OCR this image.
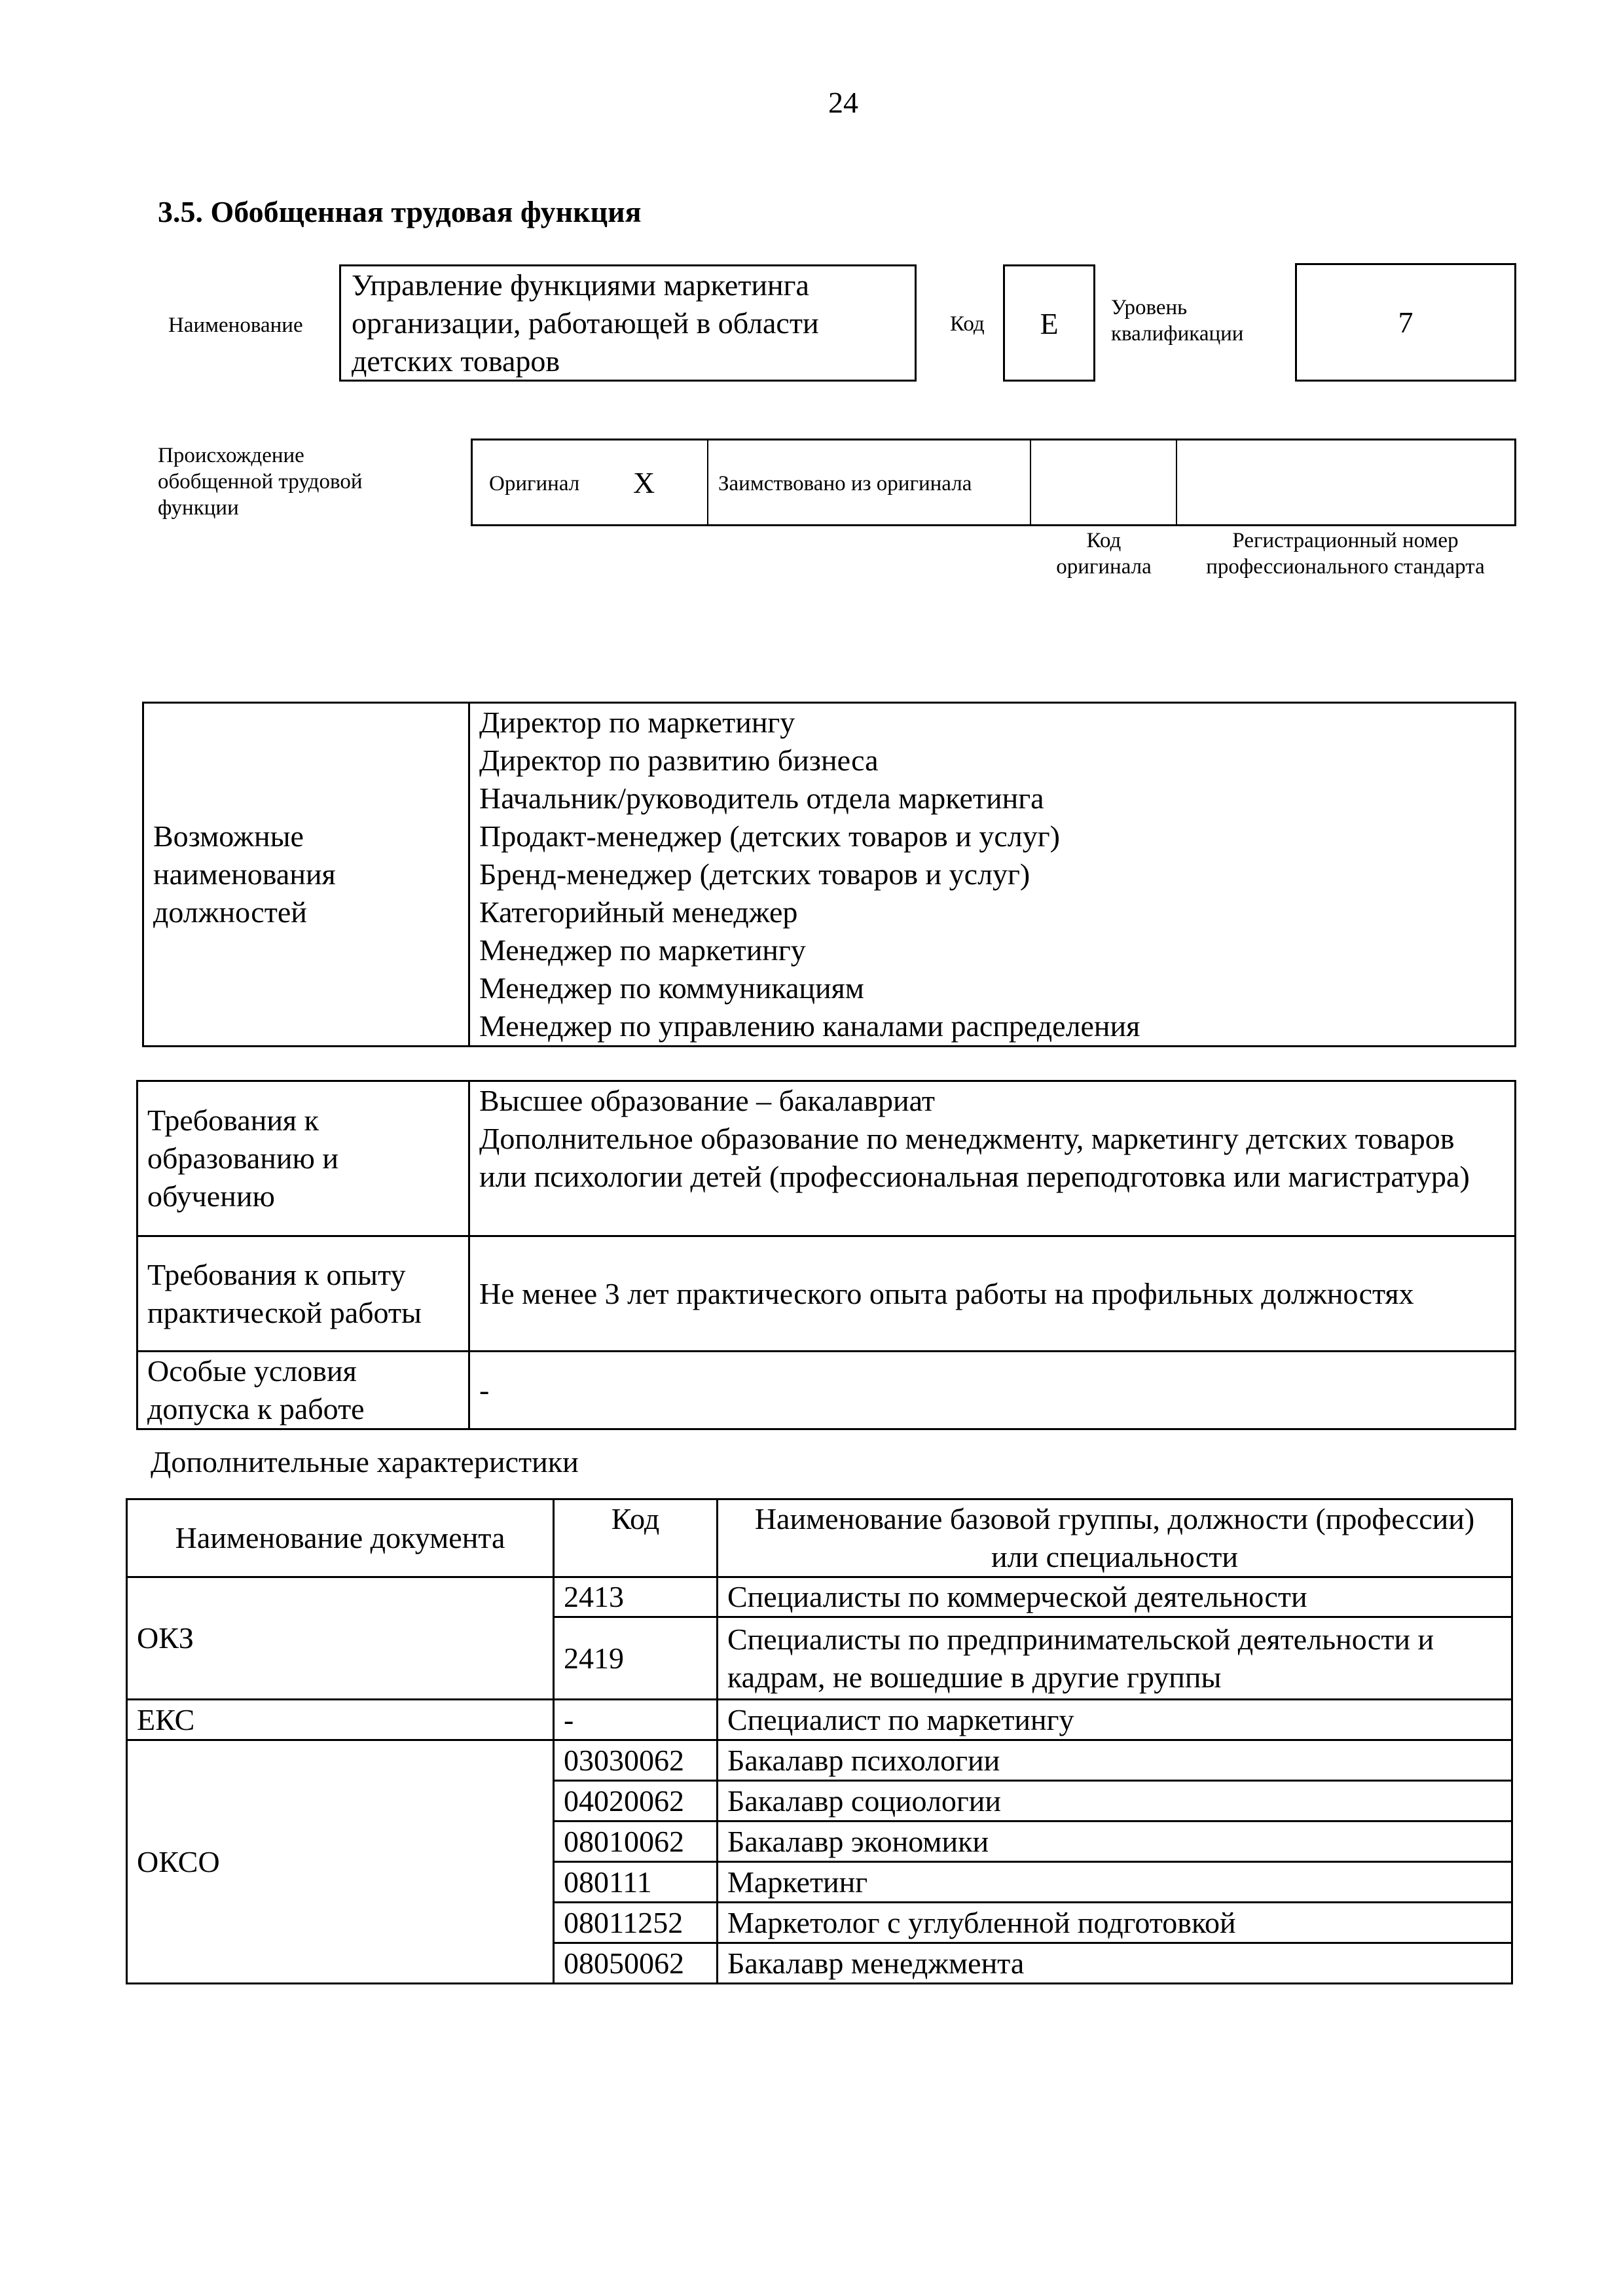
24
3.5. Обобщенная трудовая функция
Наименование
Управление функциями маркетинга организации, работающей в области детских товаров
Код	E	Уровень квалификации	7
Происхождение обобщенной трудовой функции
Оригинал X	Заимствовано из оригинала
Код оригинала
Регистрационный номер профессионального стандарта
Возможные наименования должностей	
Директор по маркетингу
Директор по развитию бизнеса
Начальник/руководитель отдела маркетинга
Продакт-менеджер (детских товаров и услуг)
Бренд-менеджер (детских товаров и услуг)
Категорийный менеджер
Менеджер по маркетингу
Менеджер по коммуникациям
Менеджер по управлению каналами распределения
Требования к образованию и обучению	Высшее образование – бакалавриат
Дополнительное образование по менеджменту, маркетингу детских товаров или психологии детей (профессиональная переподготовка или магистратура)
Требования к опыту практической работы	Не менее 3 лет практического опыта работы на профильных должностях
Особые условия допуска к работе	-
Дополнительные характеристики
Наименование документа	Код	Наименование базовой группы, должности (профессии) или специальности
ОКЗ	2413	Специалисты по коммерческой деятельности
	2419	Специалисты по предпринимательской деятельности и кадрам, не вошедшие в другие группы
ЕКС	-	Специалист по маркетингу
ОКСО	03030062	Бакалавр психологии
	04020062	Бакалавр социологии
	08010062	Бакалавр экономики
	080111	Маркетинг
	08011252	Маркетолог с углубленной подготовкой
	08050062	Бакалавр менеджмента
